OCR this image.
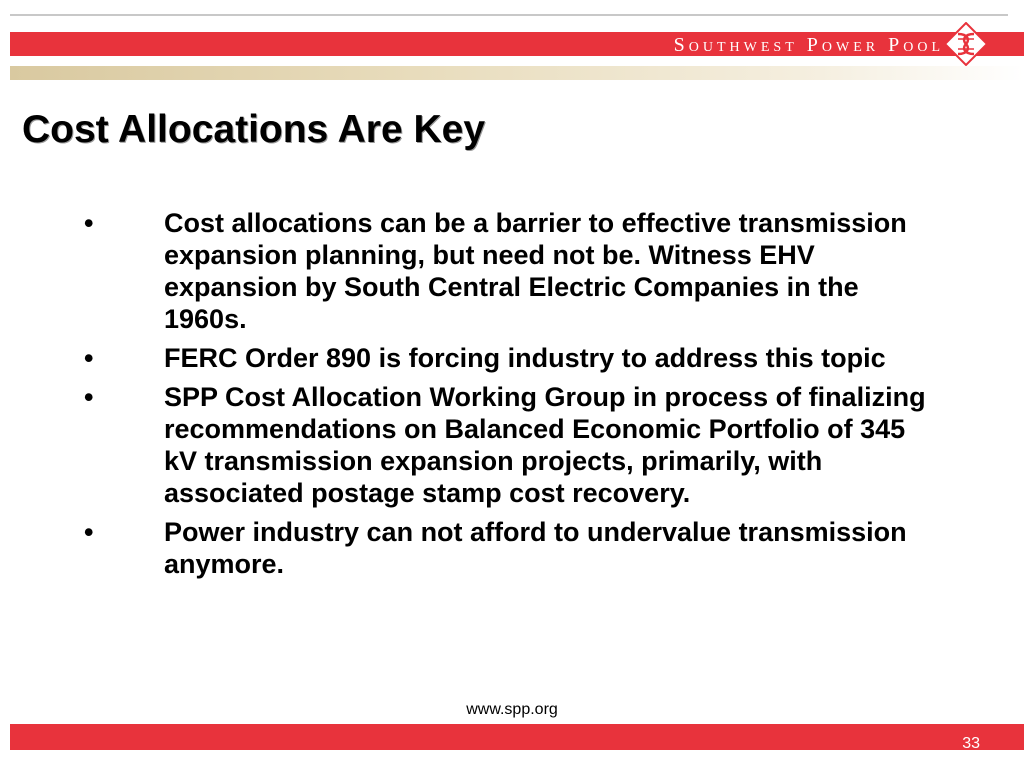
Southwest Power Pool
Cost Allocations Are Key
•	Cost allocations can be a barrier to effective transmission expansion planning, but need not be. Witness EHV expansion by South Central Electric Companies in the 1960s.
•	FERC Order 890 is forcing industry to address this topic
•	SPP Cost Allocation Working Group in process of finalizing recommendations on Balanced Economic Portfolio of 345 kV transmission expansion projects, primarily, with associated postage stamp cost recovery.
•	Power industry can not afford to undervalue transmission anymore.
www.spp.org
33
